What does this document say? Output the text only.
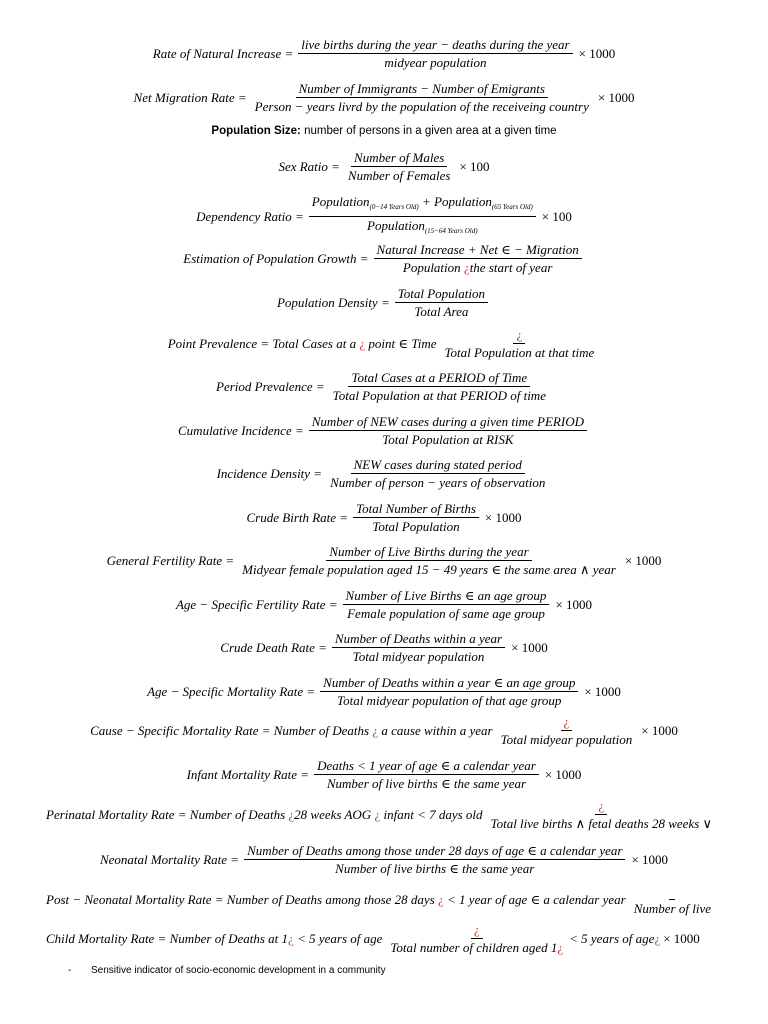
Rate of Natural Increase = $\frac{\text{live births during the year − deaths during the year}}{\text{midyear population}} \times 1000$
Net Migration Rate =
Number of Immigrants − Number of Emigrants
Person − years livrd by the population of the receiveing country
× 1000
Population Size: number of persons in a given area at a given time
Sex Ratio = $\frac{\text{Number of Males}}{\text{Number of Females}} \times 100$
Dependency Ratio = $\frac{Population_{(0-14 Years Old)} + Population_{(65 Years Old)}}{Population_{(15-64 Years Old)}} \times 100$
Estimation of Population Growth = $\frac{\text{Natural Increase + Net ∈ − Migration}}{\text{Population ¿the start of year}}$
Population Density = $\frac{\text{Total Population}}{\text{Total Area}}$
Point Prevalence = Total Cases at a ¿ point ∈ Time $\frac{¿}{\text{Total Population at that time}}$
Period Prevalence = $\frac{\text{Total Cases at a PERIOD of Time}}{\text{Total Population at that PERIOD of time}}$
Cumulative Incidence = $\frac{\text{Number of NEW cases during a given time PERIOD}}{\text{Total Population at RISK}}$
Incidence Density = $\frac{\text{NEW cases during stated period}}{\text{Number of person − years of observation}}$
Crude Birth Rate = $\frac{\text{Total Number of Births}}{\text{Total Population}} \times 1000$
General Fertility Rate =
Number of Live Births during the year
Midyear female population aged 15 − 49 years ∈ the same area ∧ year
× 1000
Age − Specific Fertility Rate = $\frac{\text{Number of Live Births ∈ an age group}}{\text{Female population of same age group}} \times 1000$
Crude Death Rate = $\frac{\text{Number of Deaths within a year}}{\text{Total midyear population}} \times 1000$
Age − Specific Mortality Rate = $\frac{\text{Number of Deaths within a year ∈ an age group}}{\text{Total midyear population of that age group}} \times 1000$
Cause − Specific Mortality Rate = Number of Deaths ¿ a cause within a year $\frac{¿}{\text{Total midyear population}} \times 1000$
Infant Mortality Rate = $\frac{\text{Deaths < 1 year of age ∈ a calendar year}}{\text{Number of live births ∈ the same year}} \times 1000$
Perinatal Mortality Rate = Number of Deaths ¿28 weeks AOG ¿ infant < 7 days old $\frac{¿}{\text{Total live births ∧ fetal deaths 28 weeks ∨}}$
Neonatal Mortality Rate =
Number of Deaths among those under 28 days of age ∈ a calendar year
Number of live births ∈ the same year
× 1000
Post − Neonatal Mortality Rate = Number of Deaths among those 28 days ¿ < 1 year of age ∈ a calendar year
Number of live
Child Mortality Rate = Number of Deaths at 1¿ < 5 years of age $\frac{¿}{\text{Total number of children aged 1¿}} < 5$ years of age ¿ × 1000
- Sensitive indicator of socio-economic development in a community
